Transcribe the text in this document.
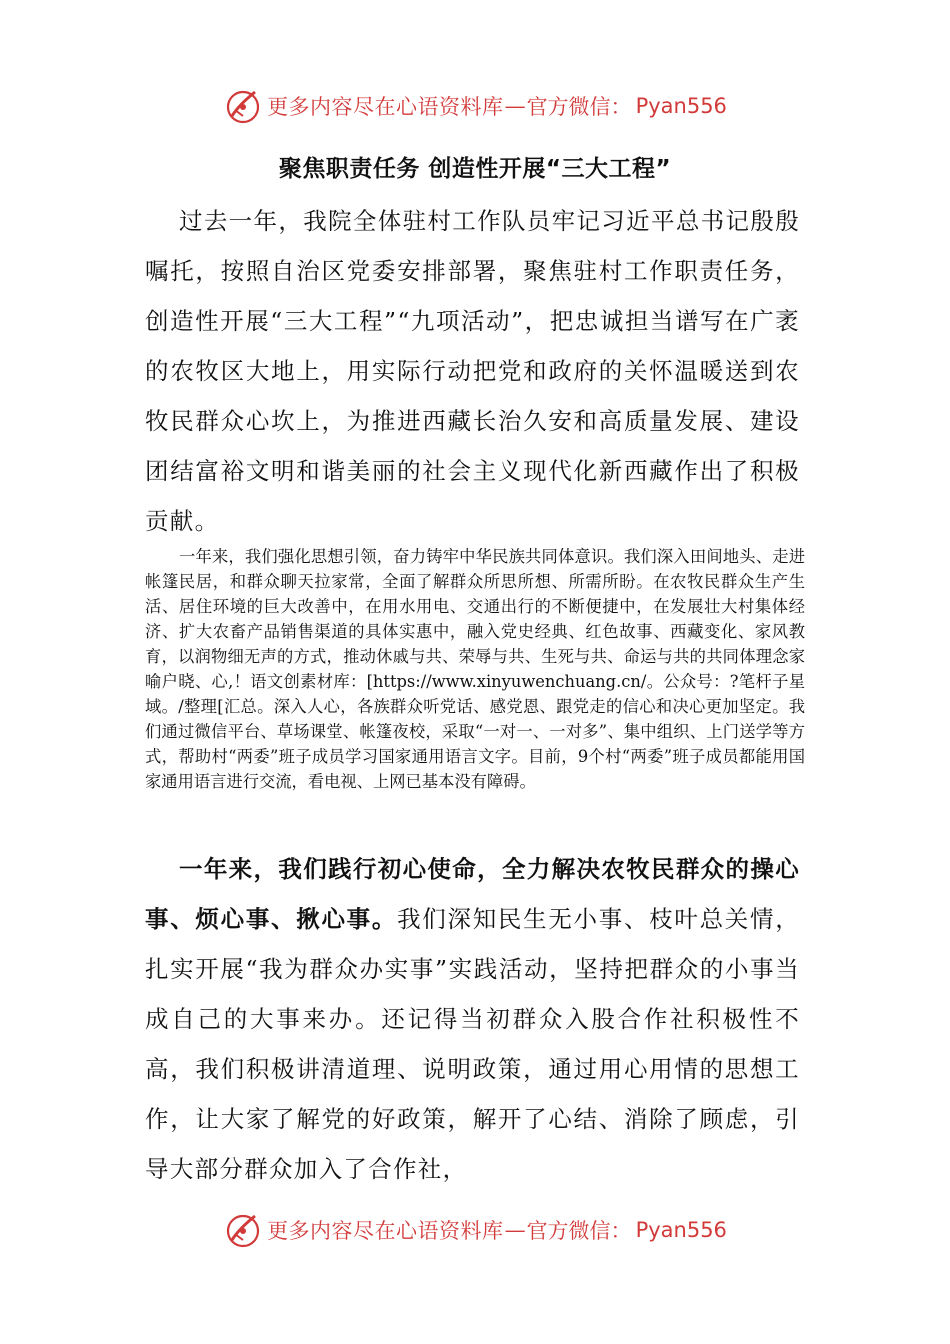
更多内容尽在心语资料库 — 官方微信： Pyan556
聚焦职责任务 创造性开展“三大工程”

过去一年，我院全体驻村工作队员牢记习近平总书记殷殷嘱托，按照自治区党委安排部署，聚焦驻村工作职责任务，创造性开展“三大工程”“九项活动”，把忠诚担当谱写在广袤的农牧区大地上，用实际行动把党和政府的关怀温暖送到农牧民群众心坎上，为推进西藏长治久安和高质量发展、建设团结富裕文明和谐美丽的社会主义现代化新西藏作出了积极贡献。

一年来，我们强化思想引领，奋力铸牢中华民族共同体意识。我们深入田间地头、走进帐篷民居，和群众聊天拉家常，全面了解群众所思所想、所需所盼。在农牧民群众生产生活、居住环境的巨大改善中，在用水用电、交通出行的不断便捷中，在发展壮大村集体经济、扩大农畜产品销售渠道的具体实惠中，融入党史经典、红色故事、西藏变化、家风教育，以润物细无声的方式，推动休戚与共、荣辱与共、生死与共、命运与共的共同体理念家喻户晓、心,！语文创素材库：[https://www.xinyuwenchuang.cn/。公众号：?笔杆子星域。/整理[汇总。深入人心，各族群众听党话、感党恩、跟党走的信心和决心更加坚定。我们通过微信平台、草场课堂、帐篷夜校，采取“一对一、一对多”、集中组织、上门送学等方式，帮助村“两委”班子成员学习国家通用语言文字。目前，9个村“两委”班子成员都能用国家通用语言进行交流，看电视、上网已基本没有障碍。

一年来，我们践行初心使命，全力解决农牧民群众的操心事、烦心事、揪心事。我们深知民生无小事、枝叶总关情，扎实开展“我为群众办实事”实践活动，坚持把群众的小事当成自己的大事来办。还记得当初群众入股合作社积极性不高，我们积极讲清道理、说明政策，通过用心用情的思想工作，让大家了解党的好政策，解开了心结、消除了顾虑，引导大部分群众加入了合作社，

更多内容尽在心语资料库 — 官方微信： Pyan556
